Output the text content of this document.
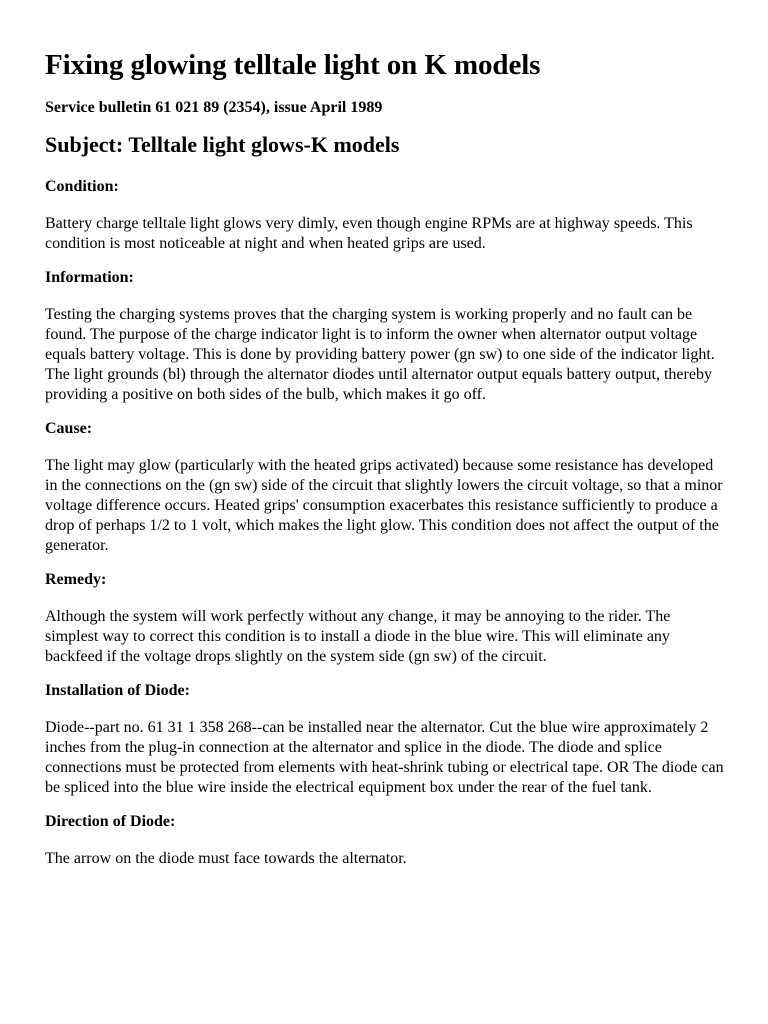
Fixing glowing telltale light on K models

Service bulletin 61 021 89 (2354), issue April 1989

Subject: Telltale light glows-K models

Condition:

Battery charge telltale light glows very dimly, even though engine RPMs are at highway speeds. This condition is most noticeable at night and when heated grips are used.

Information:

Testing the charging systems proves that the charging system is working properly and no fault can be found. The purpose of the charge indicator light is to inform the owner when alternator output voltage equals battery voltage. This is done by providing battery power (gn sw) to one side of the indicator light. The light grounds (bl) through the alternator diodes until alternator output equals battery output, thereby providing a positive on both sides of the bulb, which makes it go off.

Cause:

The light may glow (particularly with the heated grips activated) because some resistance has developed in the connections on the (gn sw) side of the circuit that slightly lowers the circuit voltage, so that a minor voltage difference occurs. Heated grips' consumption exacerbates this resistance sufficiently to produce a drop of perhaps 1/2 to 1 volt, which makes the light glow. This condition does not affect the output of the generator.

Remedy:

Although the system will work perfectly without any change, it may be annoying to the rider. The simplest way to correct this condition is to install a diode in the blue wire. This will eliminate any backfeed if the voltage drops slightly on the system side (gn sw) of the circuit.

Installation of Diode:

Diode--part no. 61 31 1 358 268--can be installed near the alternator. Cut the blue wire approximately 2 inches from the plug-in connection at the alternator and splice in the diode. The diode and splice connections must be protected from elements with heat-shrink tubing or electrical tape. OR The diode can be spliced into the blue wire inside the electrical equipment box under the rear of the fuel tank.

Direction of Diode:

The arrow on the diode must face towards the alternator.
